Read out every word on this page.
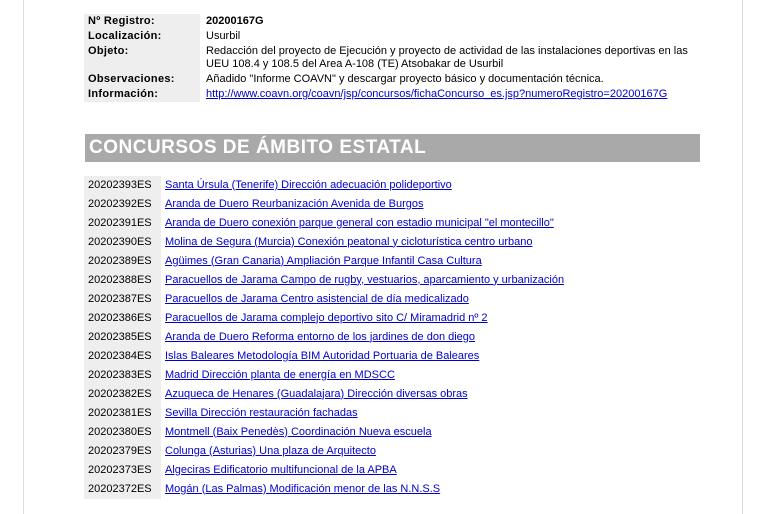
Nº Registro:	20200167G
Localización:	Usurbil
Objeto:	Redacción del proyecto de Ejecución y proyecto de actividad de las instalaciones deportivas en las UEU 108.4 y 108.5 del Area A-108 (TE) Atsobakar de Usurbil
Observaciones:	Añadido "Informe COAVN" y descargar proyecto básico y documentación técnica.
Información:	http://www.coavn.org/coavn/jsp/concursos/fichaConcurso_es.jsp?numeroRegistro=20200167G
CONCURSOS DE ÁMBITO ESTATAL
20202393ES	Santa Úrsula (Tenerife) Dirección adecuación polideportivo
20202392ES	Aranda de Duero Reurbanización Avenida de Burgos
20202391ES	Aranda de Duero conexión parque general con estadio municipal "el montecillo"
20202390ES	Molina de Segura (Murcia) Conexión peatonal y cicloturística centro urbano
20202389ES	Agüimes (Gran Canaria) Ampliación Parque Infantil Casa Cultura
20202388ES	Paracuellos de Jarama Campo de rugby, vestuarios, aparcamiento y urbanización
20202387ES	Paracuellos de Jarama Centro asistencial de día medicalizado
20202386ES	Paracuellos de Jarama complejo deportivo sito C/ Miramadrid nº 2
20202385ES	Aranda de Duero Reforma entorno de los jardines de don diego
20202384ES	Islas Baleares Metodología BIM Autoridad Portuaria de Baleares
20202383ES	Madrid Dirección planta de energía en MDSCC
20202382ES	Azuqueca de Henares (Guadalajara) Dirección diversas obras
20202381ES	Sevilla Dirección restauración fachadas
20202380ES	Montmell (Baix Penedès) Coordinación Nueva escuela
20202379ES	Colunga (Asturias) Una plaza de Arquitecto
20202373ES	Algeciras Edificatorio multifuncional de la APBA
20202372ES	Mogán (Las Palmas) Modificación menor de las N.N.S.S
